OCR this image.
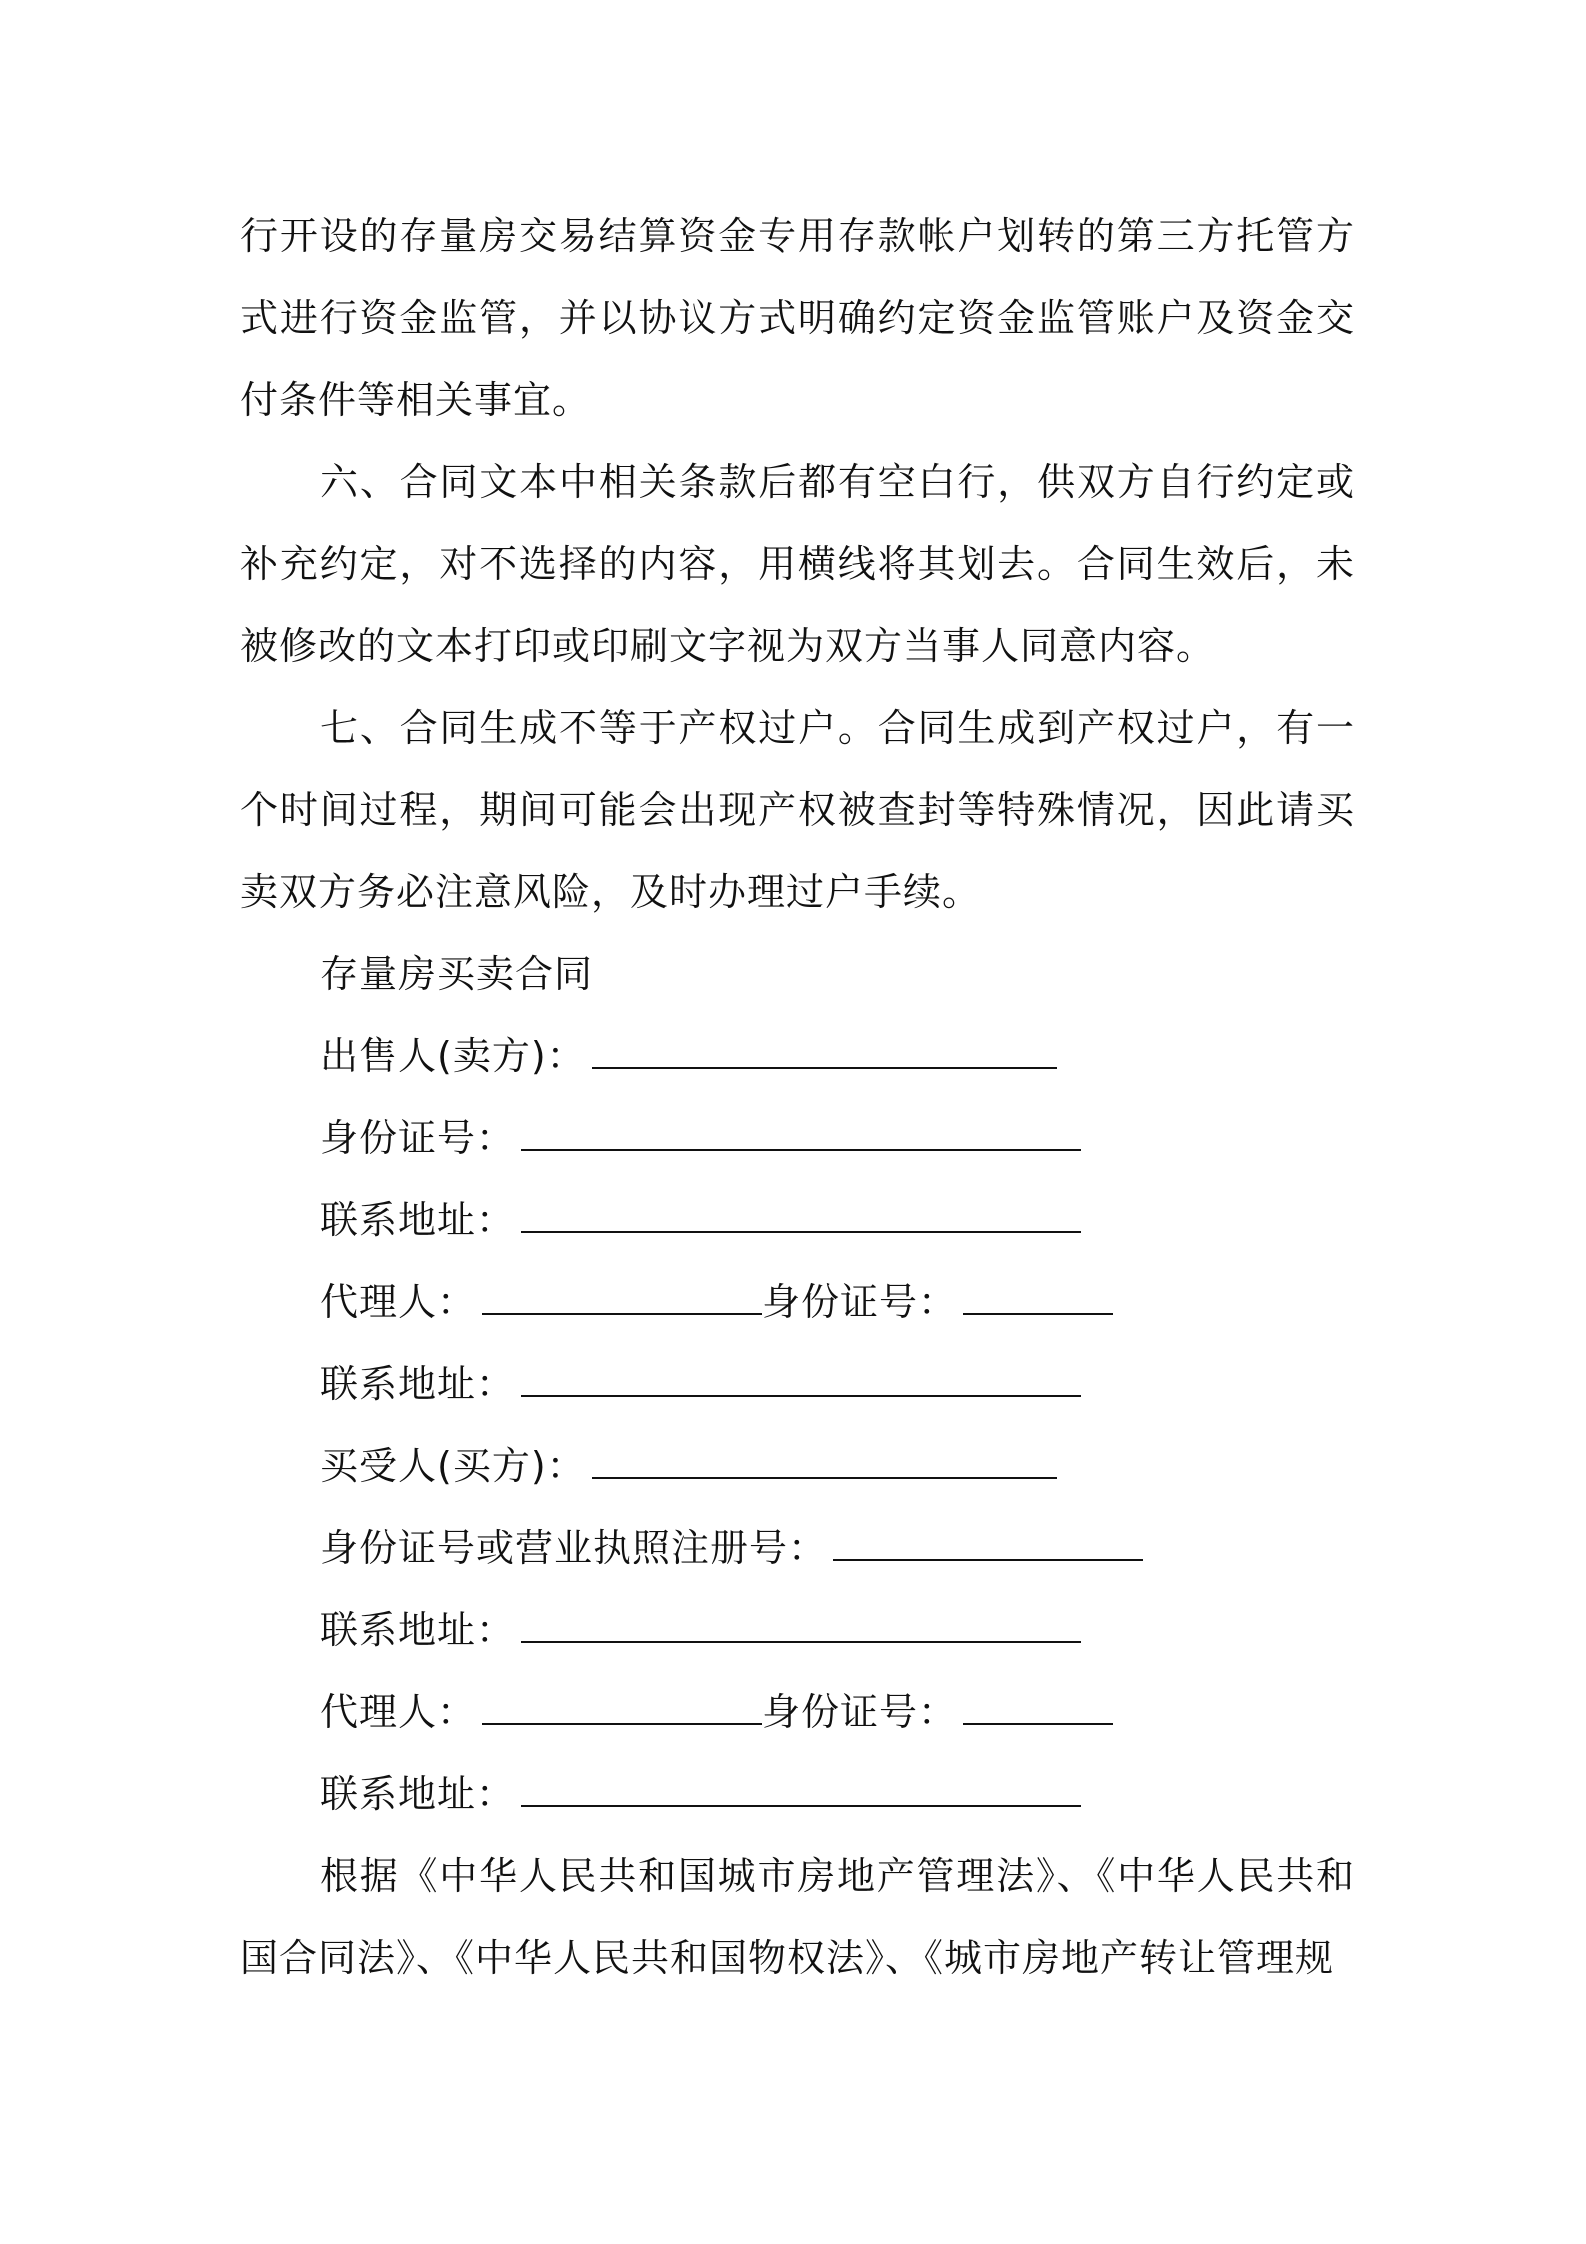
行开设的存量房交易结算资金专用存款帐户划转的第三方托管方式进行资金监管，并以协议方式明确约定资金监管账户及资金交付条件等相关事宜。

六、合同文本中相关条款后都有空白行，供双方自行约定或补充约定，对不选择的内容，用横线将其划去。合同生效后，未被修改的文本打印或印刷文字视为双方当事人同意内容。

七、合同生成不等于产权过户。合同生成到产权过户，有一个时间过程，期间可能会出现产权被查封等特殊情况，因此请买卖双方务必注意风险，及时办理过户手续。

存量房买卖合同
出售人(卖方)：
身份证号：
联系地址：
代理人：	身份证号：
联系地址：
买受人(买方)：
身份证号或营业执照注册号：
联系地址：
代理人：	身份证号：
联系地址：

根据《中华人民共和国城市房地产管理法》、《中华人民共和国合同法》、《中华人民共和国物权法》、《城市房地产转让管理规
